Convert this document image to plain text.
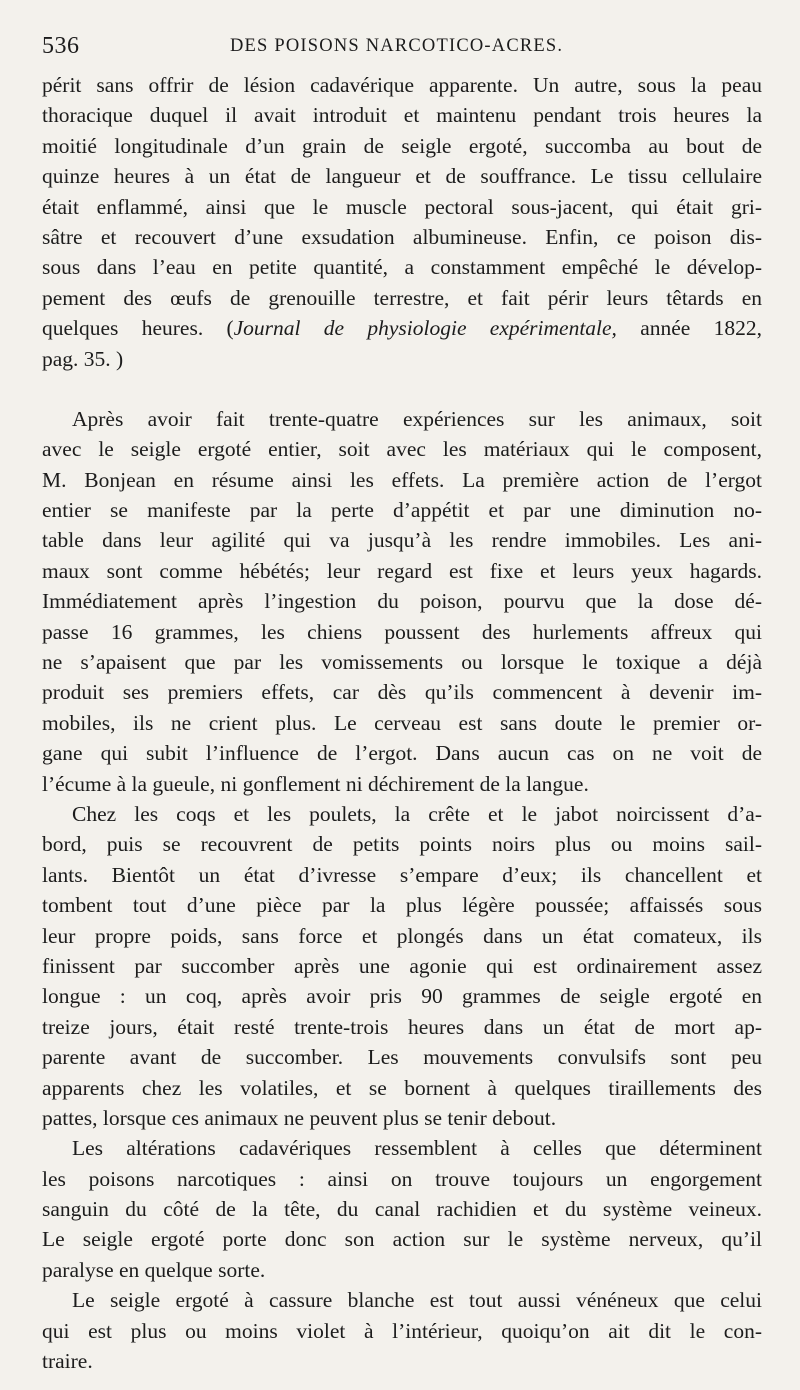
536	DES POISONS NARCOTICO-ACRES.
périt sans offrir de lésion cadavérique apparente. Un autre, sous la peau
thoracique duquel il avait introduit et maintenu pendant trois heures la
moitié longitudinale d’un grain de seigle ergoté, succomba au bout de
quinze heures à un état de langueur et de souffrance. Le tissu cellulaire
était enflammé, ainsi que le muscle pectoral sous-jacent, qui était gri-
sâtre et recouvert d’une exsudation albumineuse. Enfin, ce poison dis-
sous dans l’eau en petite quantité, a constamment empêché le dévelop-
pement des œufs de grenouille terrestre, et fait périr leurs têtards en
quelques heures. (Journal de physiologie expérimentale, année 1822,
pag. 35. )
Après avoir fait trente-quatre expériences sur les animaux, soit
avec le seigle ergoté entier, soit avec les matériaux qui le composent,
M. Bonjean en résume ainsi les effets. La première action de l’ergot
entier se manifeste par la perte d’appétit et par une diminution no-
table dans leur agilité qui va jusqu’à les rendre immobiles. Les ani-
maux sont comme hébétés; leur regard est fixe et leurs yeux hagards.
Immédiatement après l’ingestion du poison, pourvu que la dose dé-
passe 16 grammes, les chiens poussent des hurlements affreux qui
ne s’apaisent que par les vomissements ou lorsque le toxique a déjà
produit ses premiers effets, car dès qu’ils commencent à devenir im-
mobiles, ils ne crient plus. Le cerveau est sans doute le premier or-
gane qui subit l’influence de l’ergot. Dans aucun cas on ne voit de
l’écume à la gueule, ni gonflement ni déchirement de la langue.
Chez les coqs et les poulets, la crête et le jabot noircissent d’a-
bord, puis se recouvrent de petits points noirs plus ou moins sail-
lants. Bientôt un état d’ivresse s’empare d’eux; ils chancellent et
tombent tout d’une pièce par la plus légère poussée; affaissés sous
leur propre poids, sans force et plongés dans un état comateux, ils
finissent par succomber après une agonie qui est ordinairement assez
longue : un coq, après avoir pris 90 grammes de seigle ergoté en
treize jours, était resté trente-trois heures dans un état de mort ap-
parente avant de succomber. Les mouvements convulsifs sont peu
apparents chez les volatiles, et se bornent à quelques tiraillements des
pattes, lorsque ces animaux ne peuvent plus se tenir debout.
Les altérations cadavériques ressemblent à celles que déterminent
les poisons narcotiques : ainsi on trouve toujours un engorgement
sanguin du côté de la tête, du canal rachidien et du système veineux.
Le seigle ergoté porte donc son action sur le système nerveux, qu’il
paralyse en quelque sorte.
Le seigle ergoté à cassure blanche est tout aussi vénéneux que celui
qui est plus ou moins violet à l’intérieur, quoiqu’on ait dit le con-
traire.
